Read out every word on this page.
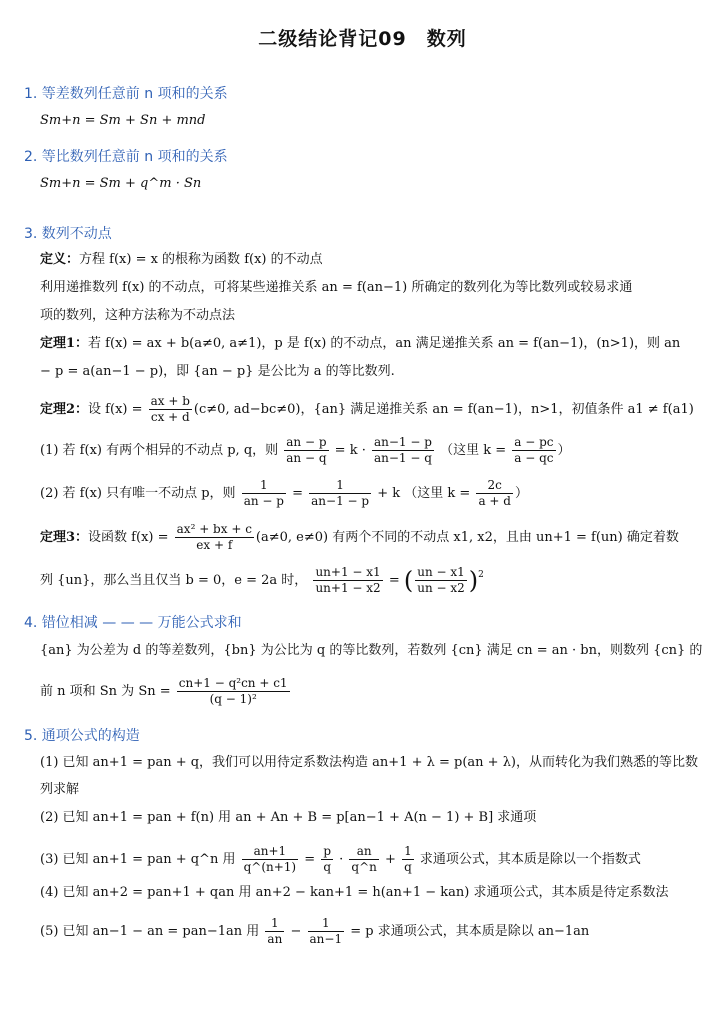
二级结论背记09　数列
1. 等差数列任意前 n 项和的关系
Sm+n = Sm + Sn + mnd
2. 等比数列任意前 n 项和的关系
Sm+n = Sm + q^m · Sn
3. 数列不动点
定义：方程 f(x) = x 的根称为函数 f(x) 的不动点
利用递推数列 f(x) 的不动点，可将某些递推关系 an = f(an−1) 所确定的数列化为等比数列或较易求通
项的数列，这种方法称为不动点法
定理1：若 f(x) = ax + b(a≠0, a≠1)，p 是 f(x) 的不动点，an 满足递推关系 an = f(an−1)，(n>1)，则 an
− p = a(an−1 − p)，即 {an − p} 是公比为 a 的等比数列.
定理2：设 $f(x) = \frac{ax + b}{cx + d} (c\ne 0$, ad−bc≠0)，{an} 满足递推关系 an = f(an−1)，n>1，初值条件 a1 ≠ f(a1)
(1) 若 f(x) 有两个相异的不动点 p, q，则 $\frac{an - p}{an - q} = k \cdot \frac{an-1 - p}{an-1 - q}$ （这里 $k = \frac{a - pc}{a - qc}$ ）
(2) 若 f(x) 只有唯一不动点 p，则 $\frac{1}{an - p} = \frac{1}{an-1 - p} + k$ （这里 $k = \frac{2c}{a + d}$ ）
定理3：设函数 $f(x) = \frac{\text{ax² + bx + c}}{ex + f} (a\ne 0$, e≠0) 有两个不同的不动点 x1, x2，且由 un+1 = f(un) 确定着数
列 {un}，那么当且仅当 b = 0，e = 2a 时， $\frac{un+1 - x1}{un+1 - x2}$ = ( $\frac{un - x1}{un - x2} )^2$
4. 错位相减 — — — 万能公式求和
{an} 为公差为 d 的等差数列，{bn} 为公比为 q 的等比数列，若数列 {cn} 满足 cn = an · bn，则数列 {cn} 的
前 n 项和 Sn 为 $Sn = \frac{\text{cn+1 − q²cn + c1}}{\text{(q − 1)²}}$
5. 通项公式的构造
(1) 已知 an+1 = pan + q，我们可以用待定系数法构造 an+1 + λ = p(an + λ)，从而转化为我们熟悉的等比数
列求解
(2) 已知 an+1 = pan + f(n) 用 an + An + B = p[an−1 + A(n − 1) + B] 求通项
(3) 已知 an+1 = pan + q^n 用 $\frac{an+1}{q\^{}(n+1)} = \frac{p}{q} \cdot \frac{an}{q\^{}n} + \frac{1}{q}$ 求通项公式，其本质是除以一个指数式
(4) 已知 an+2 = pan+1 + qan 用 an+2 − kan+1 = h(an+1 − kan) 求通项公式，其本质是待定系数法
(5) 已知 an−1 − an = pan−1an 用 $\frac{1}{an} - \frac{1}{an-1} = p$ 求通项公式，其本质是除以 an−1an
